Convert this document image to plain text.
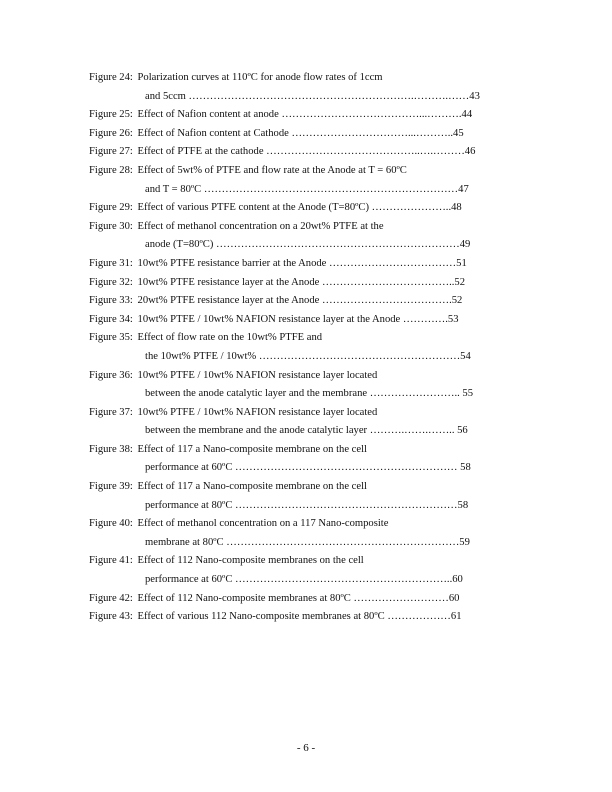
Figure 24: Polarization curves at 110ºC for anode flow rates of 1ccm
and 5ccm ……………………………………………………….……….……43
Figure 25: Effect of Nafion content at anode …………………………………...……….44
Figure 26: Effect of Nafion content at Cathode ……………………………...………..45
Figure 27: Effect of PTFE at the cathode ……………………………………..….………46
Figure 28: Effect of 5wt% of PTFE and flow rate at the Anode at T = 60ºC
and T = 80ºC ………………………………………………………………47
Figure 29: Effect of various PTFE content at the Anode (T=80ºC) …………………..48
Figure 30: Effect of methanol concentration on a 20wt% PTFE at the
anode (T=80ºC) ……………………………………………………………49
Figure 31: 10wt% PTFE resistance barrier at the Anode ………………………………51
Figure 32: 10wt% PTFE resistance layer at the Anode ………………………………..52
Figure 33: 20wt% PTFE resistance layer at the Anode ……………………………….52
Figure 34: 10wt% PTFE / 10wt% NAFION resistance layer at the Anode ………….53
Figure 35: Effect of flow rate on the 10wt% PTFE and
the 10wt% PTFE / 10wt% …………………………………………………54
Figure 36: 10wt% PTFE / 10wt% NAFION resistance layer located
between the anode catalytic layer and the membrane …………………….. 55
Figure 37: 10wt% PTFE / 10wt% NAFION resistance layer located
between the membrane and the anode catalytic layer ……….…….…….. 56
Figure 38: Effect of 117 a Nano-composite membrane on the cell
performance at 60ºC ……………………………………………………… 58
Figure 39: Effect of 117 a Nano-composite membrane on the cell
performance at 80ºC ………………………………………………………58
Figure 40: Effect of methanol concentration on a 117 Nano-composite
membrane at 80ºC …………………………………………………………59
Figure 41: Effect of 112 Nano-composite membranes on the cell
performance at 60ºC ……………………………………………………..60
Figure 42: Effect of 112 Nano-composite membranes at 80ºC ………………………60
Figure 43: Effect of various 112 Nano-composite membranes at 80ºC ………………61
- 6 -
